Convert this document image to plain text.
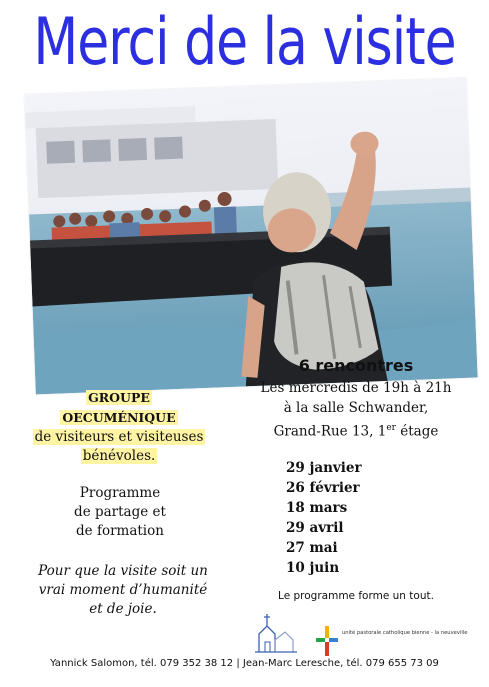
Merci de la visite
6 rencontres
Les mercredis de 19h à 21h
à la salle Schwander,
Grand-Rue 13, 1er étage
GROUPE
OECUMÉNIQUE
de visiteurs et visiteuses
bénévoles.
29 janvier
26 février
18 mars
29 avril
27 mai
10 juin
Programme
de partage et
de formation
Pour que la visite soit un
vrai moment d’humanité
et de joie.
Le programme forme un tout.
unité pastorale catholique bienne - la neuveville
Yannick Salomon, tél. 079 352 38 12 | Jean-Marc Leresche, tél. 079 655 73 09
